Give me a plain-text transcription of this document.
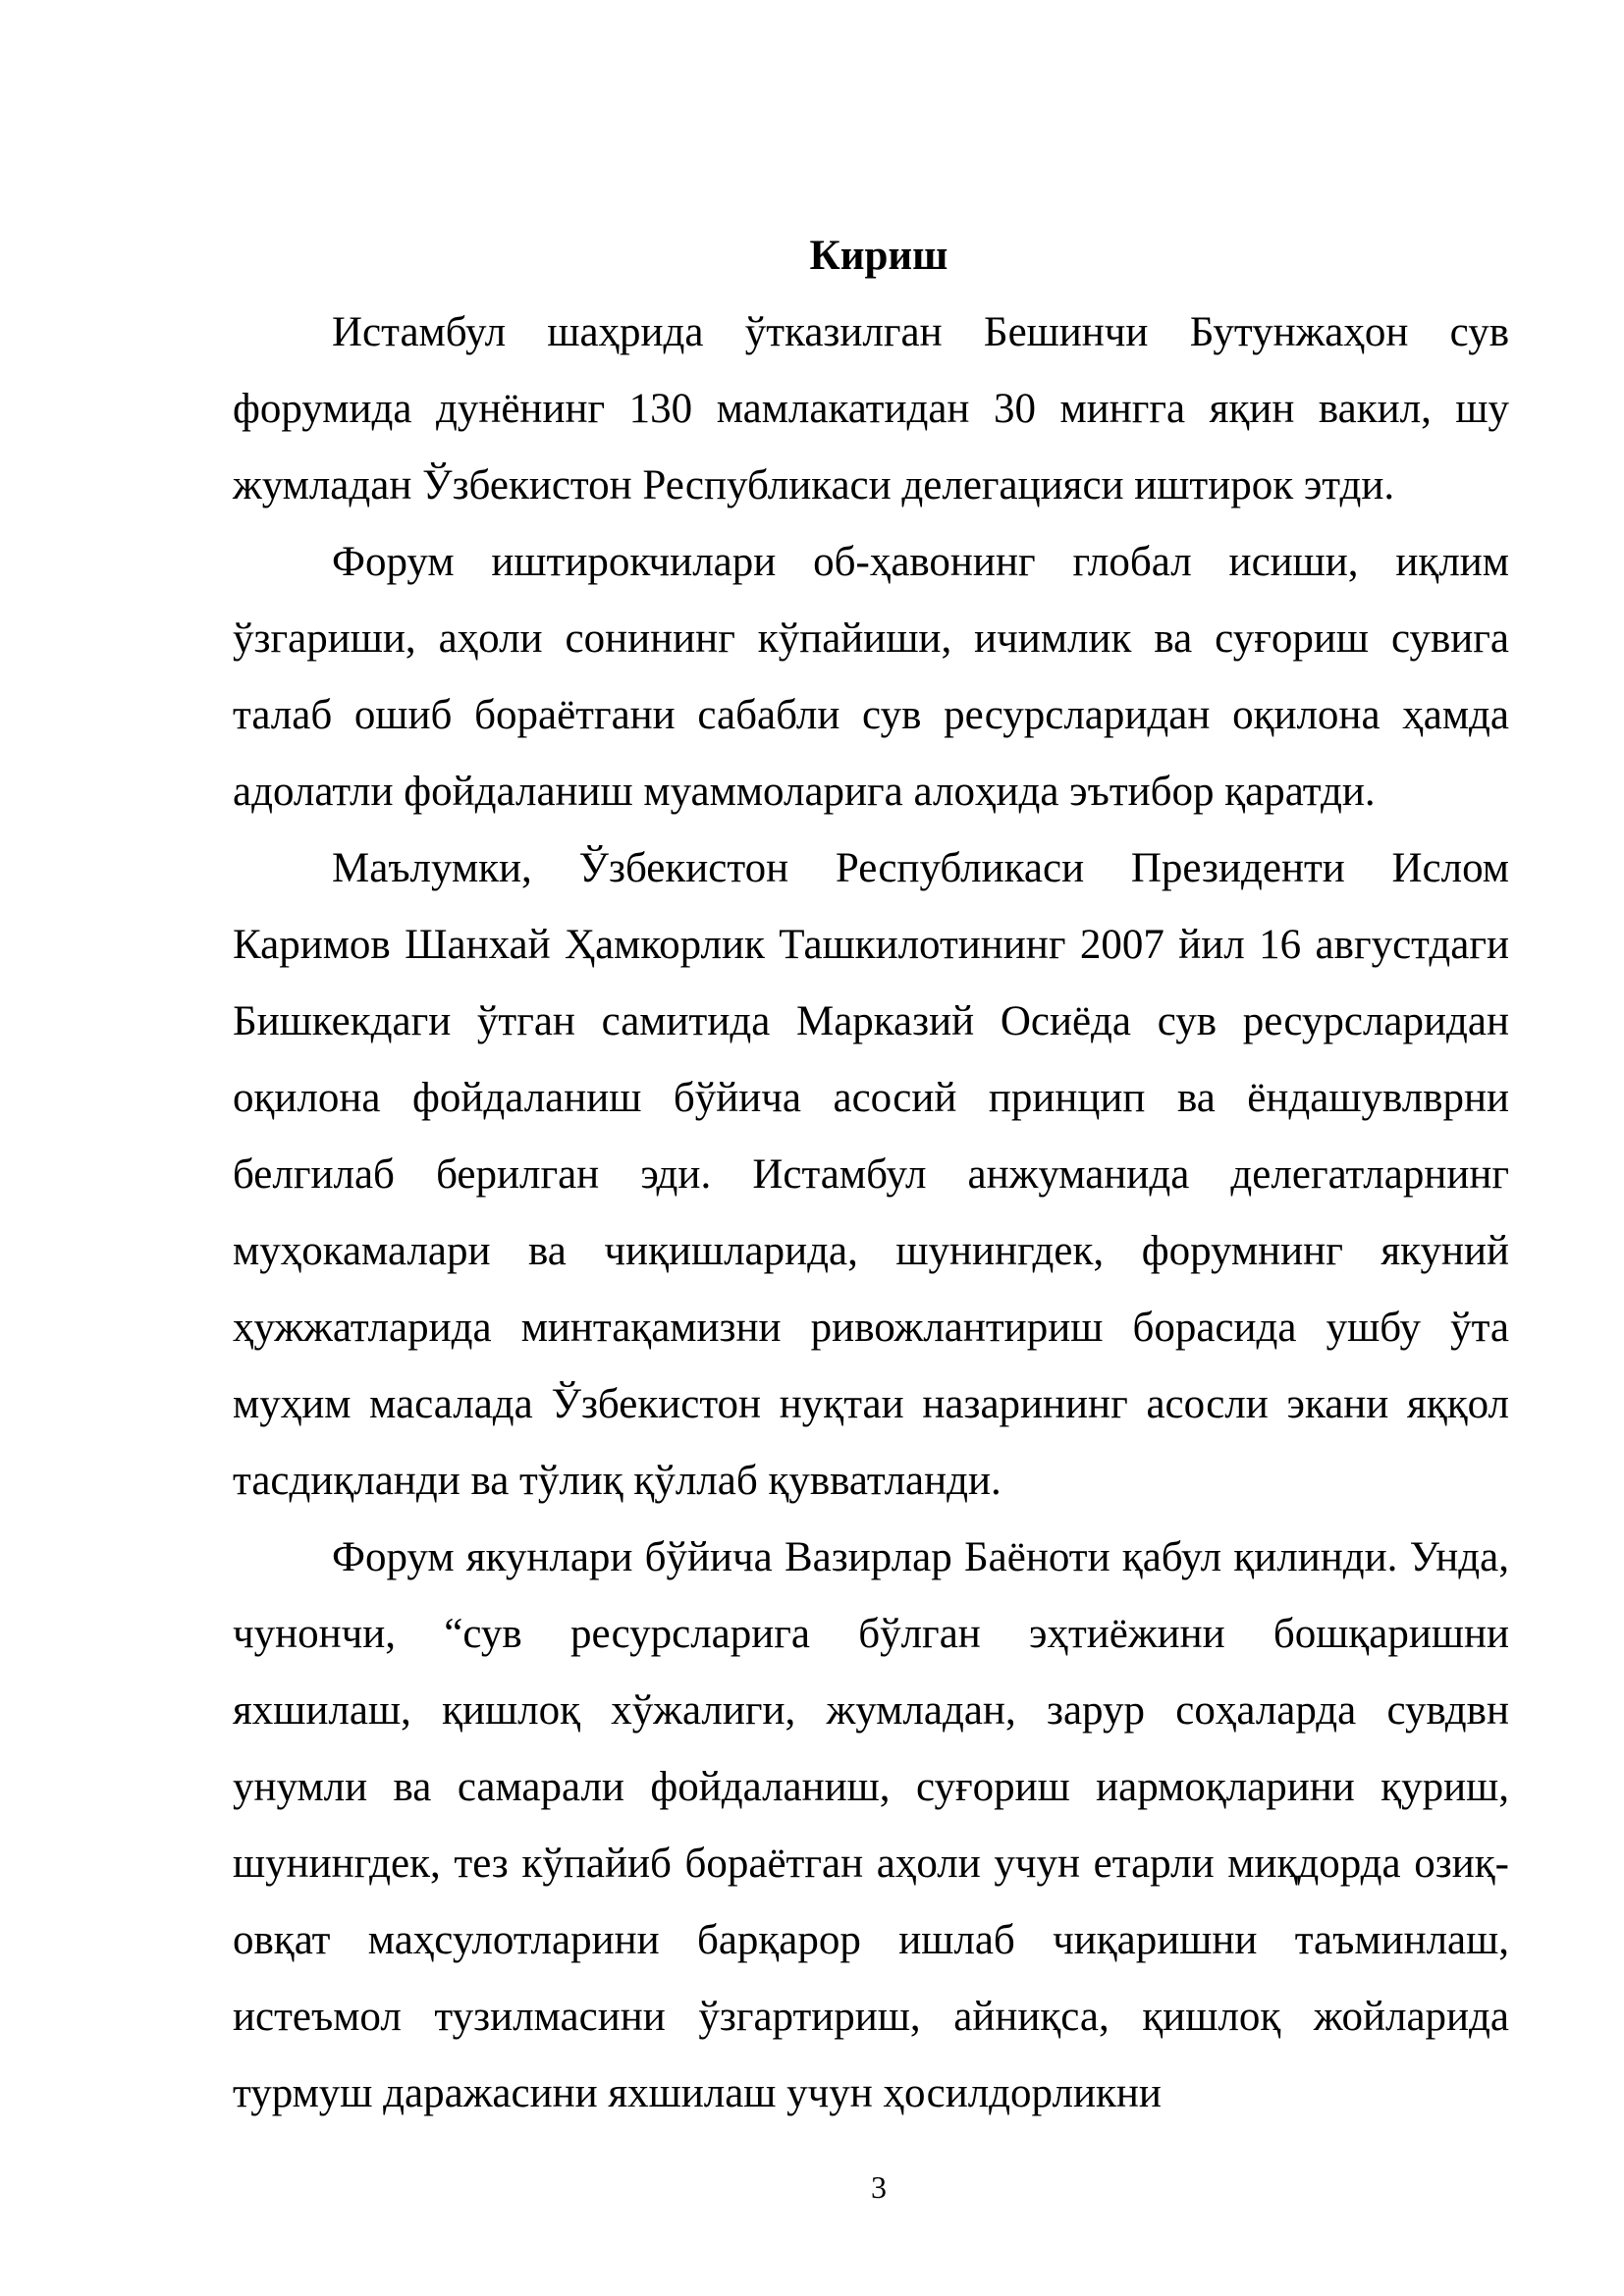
Кириш

Истамбул шаҳрида ўтказилган Бешинчи Бутунжаҳон сув форумида дунёнинг 130 мамлакатидан 30 мингга яқин вакил, шу жумладан Ўзбекистон Республикаси делегацияси иштирок этди.

Форум иштирокчилари об-ҳавонинг глобал исиши, иқлим ўзгариши, аҳоли сонининг кўпайиши, ичимлик ва суғориш сувига талаб ошиб бораётгани сабабли сув ресурсларидан оқилона ҳамда адолатли фойдаланиш муаммоларига алоҳида эътибор қаратди.

Маълумки, Ўзбекистон Республикаси Президенти Ислом Каримов Шанхай Ҳамкорлик Ташкилотининг 2007 йил 16 августдаги Бишкекдаги ўтган самитида Марказий Осиёда сув ресурсларидан оқилона фойдаланиш бўйича асосий принцип ва ёндашувлврни белгилаб берилган эди. Истамбул анжуманида делегатларнинг муҳокамалари ва чиқишларида, шунингдек, форумнинг якуний ҳужжатларида минтақамизни ривожлантириш борасида ушбу ўта муҳим масалада Ўзбекистон нуқтаи назарининг асосли экани яққол тасдиқланди ва тўлиқ қўллаб қувватланди.

Форум якунлари бўйича Вазирлар Баёноти қабул қилинди. Унда, чунончи, “сув ресурсларига бўлган эҳтиёжини бошқаришни яхшилаш, қишлоқ хўжалиги, жумладан, зарур соҳаларда сувдвн унумли ва самарали фойдаланиш, суғориш иармоқларини қуриш, шунингдек, тез кўпайиб бораётган аҳоли учун етарли миқдорда озиқ-овқат маҳсулотларини барқарор ишлаб чиқаришни таъминлаш, истеъмол тузилмасини ўзгартириш, айниқса, қишлоқ жойларида турмуш даражасини яхшилаш учун ҳосилдорликни

3
